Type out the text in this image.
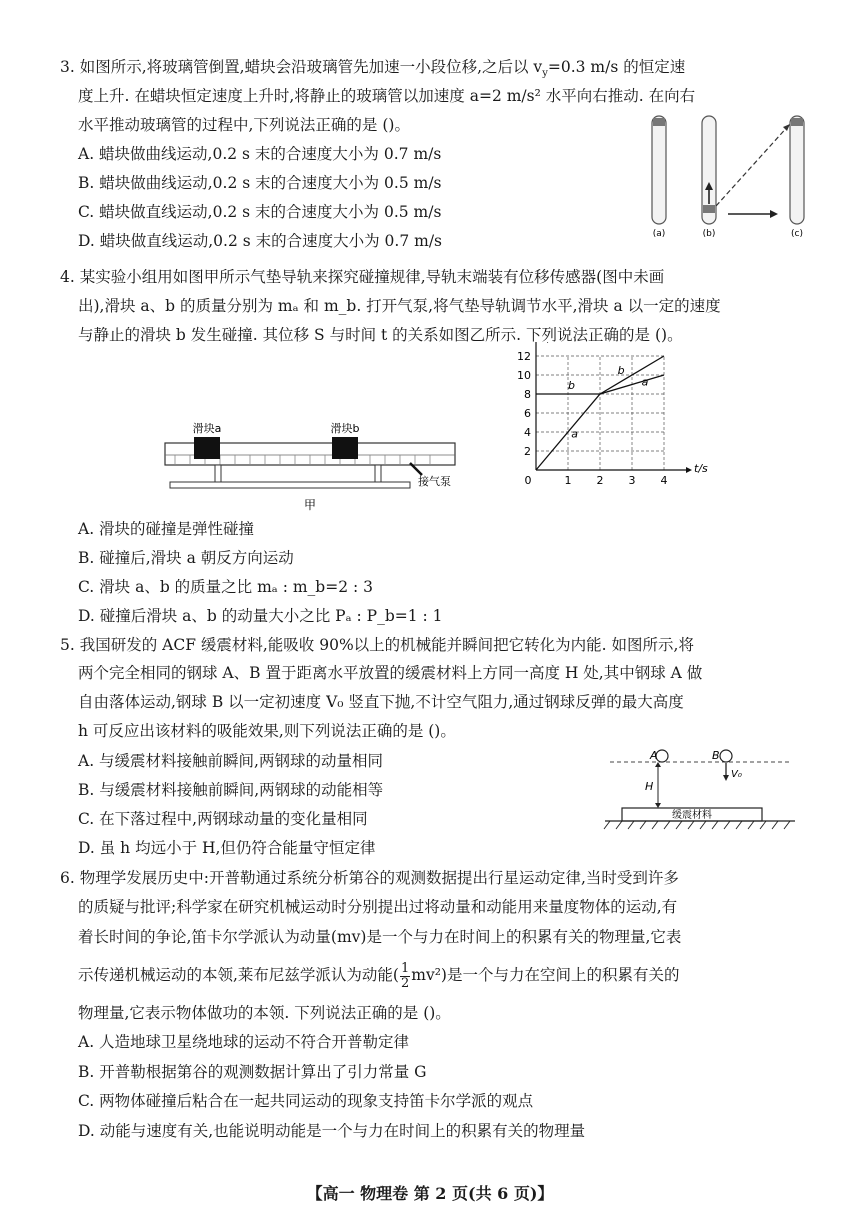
3. 如图所示,将玻璃管倒置,蜡块会沿玻璃管先加速一小段位移,之后以 $v_y=0.3$ m/s 的恒定速
度上升. 在蜡块恒定速度上升时,将静止的玻璃管以加速度 a=2 m/s² 水平向右推动. 在向右
水平推动玻璃管的过程中,下列说法正确的是 ()。
A. 蜡块做曲线运动,0.2 s 末的合速度大小为 0.7 m/s
B. 蜡块做曲线运动,0.2 s 末的合速度大小为 0.5 m/s
C. 蜡块做直线运动,0.2 s 末的合速度大小为 0.5 m/s
D. 蜡块做直线运动,0.2 s 末的合速度大小为 0.7 m/s	(a)	(b)	(c)
4. 某实验小组用如图甲所示气垫导轨来探究碰撞规律,导轨末端装有位移传感器(图中未画
出),滑块 a、b 的质量分别为 mₐ 和 m_b. 打开气泵,将气垫导轨调节水平,滑块 a 以一定的速度
与静止的滑块 b 发生碰撞. 其位移 S 与时间 t 的关系如图乙所示. 下列说法正确的是 ()。
滑块a	滑块b
接气泵
甲
0	1 2 3 4
2
4
6
8
10
12
t/s
a
b
b
a
A. 滑块的碰撞是弹性碰撞
B. 碰撞后,滑块 a 朝反方向运动
C. 滑块 a、b 的质量之比 mₐ : m_b=2 : 3
D. 碰撞后滑块 a、b 的动量大小之比 Pₐ : P_b=1 : 1
5. 我国研发的 ACF 缓震材料,能吸收 90%以上的机械能并瞬间把它转化为内能. 如图所示,将
两个完全相同的钢球 A、B 置于距离水平放置的缓震材料上方同一高度 H 处,其中钢球 A 做
自由落体运动,钢球 B 以一定初速度 V₀ 竖直下抛,不计空气阻力,通过钢球反弹的最大高度
h 可反应出该材料的吸能效果,则下列说法正确的是 ()。
A. 与缓震材料接触前瞬间,两钢球的动量相同
B. 与缓震材料接触前瞬间,两钢球的动能相等
C. 在下落过程中,两钢球动量的变化量相同
D. 虽 h 均远小于 H,但仍符合能量守恒定律
A	B
V₀
H
缓震材料
6. 物理学发展历史中:开普勒通过系统分析第谷的观测数据提出行星运动定律,当时受到许多
的质疑与批评;科学家在研究机械运动时分别提出过将动量和动能用来量度物体的运动,有
着长时间的争论,笛卡尔学派认为动量(mv)是一个与力在时间上的积累有关的物理量,它表
示传递机械运动的本领,莱布尼兹学派认为动能( $\frac{1}{2} mv^2$)是一个与力在空间上的积累有关的
物理量,它表示物体做功的本领. 下列说法正确的是 ()。
A. 人造地球卫星绕地球的运动不符合开普勒定律
B. 开普勒根据第谷的观测数据计算出了引力常量 G
C. 两物体碰撞后粘合在一起共同运动的现象支持笛卡尔学派的观点
D. 动能与速度有关,也能说明动能是一个与力在时间上的积累有关的物理量
【高一 物理卷 第 2 页(共 6 页)】
